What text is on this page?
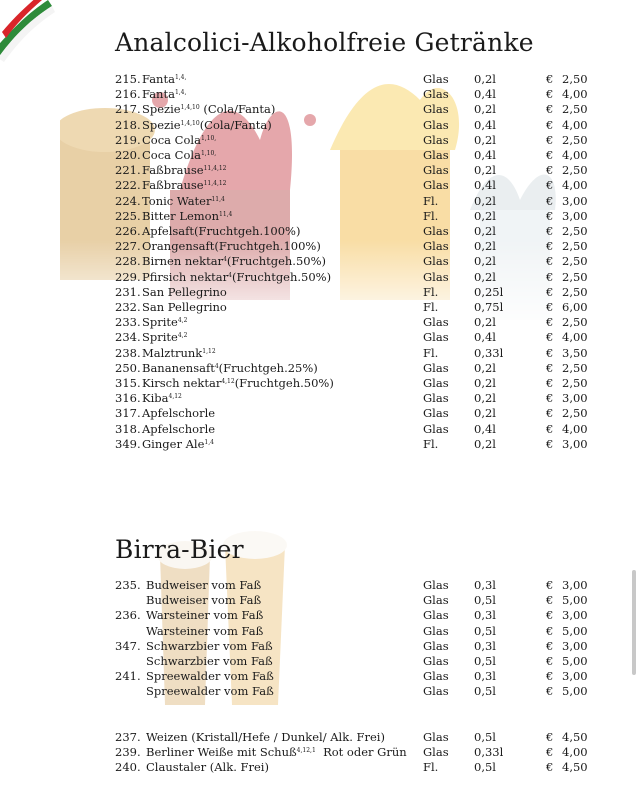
Analcolici-Alkoholfreie Getränke
215. Fanta$^{1,4,}$	Glas 0,2l	€ 2,50
216. Fanta$^{1,4,}$	Glas 0,4l	€ 4,00
217. Spezie$^{1,4,10}$ (Cola/Fanta)	Glas 0,2l	€ 2,50
218. Spezie$^{1,4,10}$(Cola/Fanta)	Glas 0,4l	€ 4,00
219. Coca Cola$^{1,10,}$	Glas 0,2l	€ 2,50
220. Coca Cola$^{1,10,}$	Glas 0,4l	€ 4,00
221. Faßbrause$^{11,4,12}$	Glas 0,2l	€ 2,50
222. Faßbrause$^{11,4,12}$	Glas 0,4l	€ 4,00
224. Tonic Water$^{11,4}$	Fl.	0,2l	€ 3,00
225. Bitter Lemon$^{11,4}$	Fl.	0,2l	€ 3,00
226. Apfelsaft(Fruchtgeh.100%)	Glas 0,2l	€ 2,50
227. Orangensaft(Fruchtgeh.100%)	Glas 0,2l	€ 2,50
228. Birnen nektar$^4$(Fruchtgeh.50%)	Glas 0,2l	€ 2,50
229. Pfirsich nektar$^4$(Fruchtgeh.50%)	Glas 0,2l	€ 2,50
231. San Pellegrino	Fl.	0,25l	€ 2,50
232. San Pellegrino	Fl.	0,75l	€ 6,00
233. Sprite$^{4,2}$	Glas 0,2l	€ 2,50
234. Sprite$^{4,2}$	Glas 0,4l	€ 4,00
238. Malztrunk$^{1,12}$	Fl.	0,33l	€ 3,50
250. Bananensaft$^4$(Fruchtgeh.25%)	Glas 0,2l	€ 2,50
315. Kirsch nektar$^{4,12}$(Fruchtgeh.50%)	Glas 0,2l	€ 2,50
316. Kiba$^{4,12}$	Glas 0,2l	€ 3,00
317. Apfelschorle	Glas 0,2l	€ 2,50
318. Apfelschorle	Glas 0,4l	€ 4,00
349. Ginger Ale$^{1,4}$	Fl.	0,2l	€ 3,00
Birra-Bier
235. Budweiser vom Faß	Glas 0,3l	€ 3,00
Budweiser vom Faß	Glas 0,5l	€ 5,00
236. Warsteiner vom Faß	Glas 0,3l	€ 3,00
Warsteiner vom Faß	Glas 0,5l	€ 5,00
347. Schwarzbier vom Faß	Glas 0,3l	€ 3,00
Schwarzbier vom Faß	Glas 0,5l	€ 5,00
241. Spreewalder vom Faß	Glas 0,3l	€ 3,00
Spreewalder vom Faß	Glas 0,5l	€ 5,00
237. Weizen (Kristall/Hefe / Dunkel/ Alk. Frei)	Glas 0,5l	€ 4,50
239. Berliner Weiße mit Schuß$^{4,12,1}$  Rot oder Grün Glas 0,33l	€ 4,00
240. Claustaler (Alk. Frei)	Fl.	0,5l	€ 4,50
